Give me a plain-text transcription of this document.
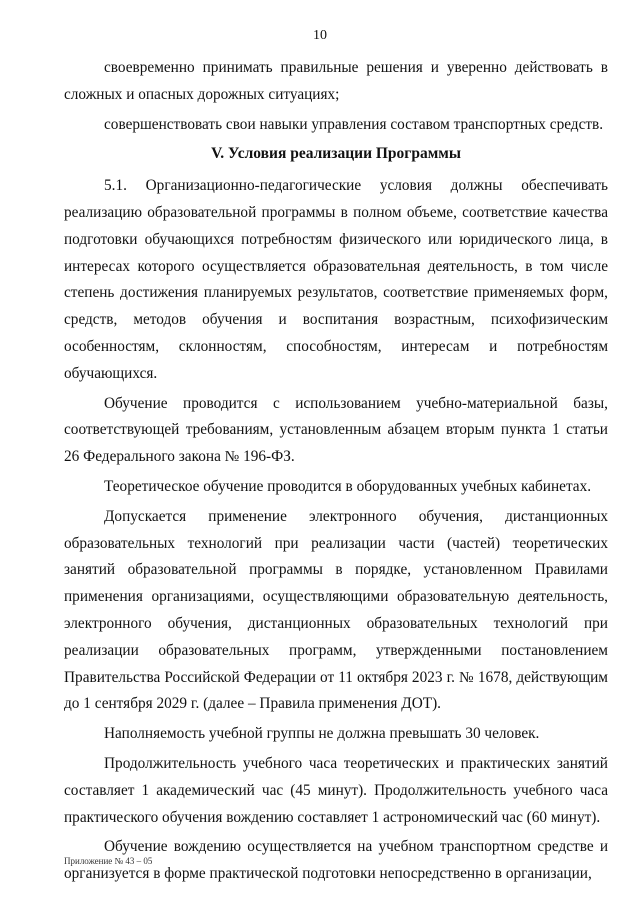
10

своевременно принимать правильные решения и уверенно действовать в сложных и опасных дорожных ситуациях;

совершенствовать свои навыки управления составом транспортных средств.

V. Условия реализации Программы

5.1. Организационно-педагогические условия должны обеспечивать реализацию образовательной программы в полном объеме, соответствие качества подготовки обучающихся потребностям физического или юридического лица, в интересах которого осуществляется образовательная деятельность, в том числе степень достижения планируемых результатов, соответствие применяемых форм, средств, методов обучения и воспитания возрастным, психофизическим особенностям, склонностям, способностям, интересам и потребностям обучающихся.

Обучение проводится с использованием учебно-материальной базы, соответствующей требованиям, установленным абзацем вторым пункта 1 статьи 26 Федерального закона № 196-ФЗ.

Теоретическое обучение проводится в оборудованных учебных кабинетах.

Допускается применение электронного обучения, дистанционных образовательных технологий при реализации части (частей) теоретических занятий образовательной программы в порядке, установленном Правилами применения организациями, осуществляющими образовательную деятельность, электронного обучения, дистанционных образовательных технологий при реализации образовательных программ, утвержденными постановлением Правительства Российской Федерации от 11 октября 2023 г. № 1678, действующим до 1 сентября 2029 г. (далее – Правила применения ДОТ).

Наполняемость учебной группы не должна превышать 30 человек.

Продолжительность учебного часа теоретических и практических занятий составляет 1 академический час (45 минут). Продолжительность учебного часа практического обучения вождению составляет 1 астрономический час (60 минут).

Обучение вождению осуществляется на учебном транспортном средстве и организуется в форме практической подготовки непосредственно в организации,

Приложение № 43 – 05
